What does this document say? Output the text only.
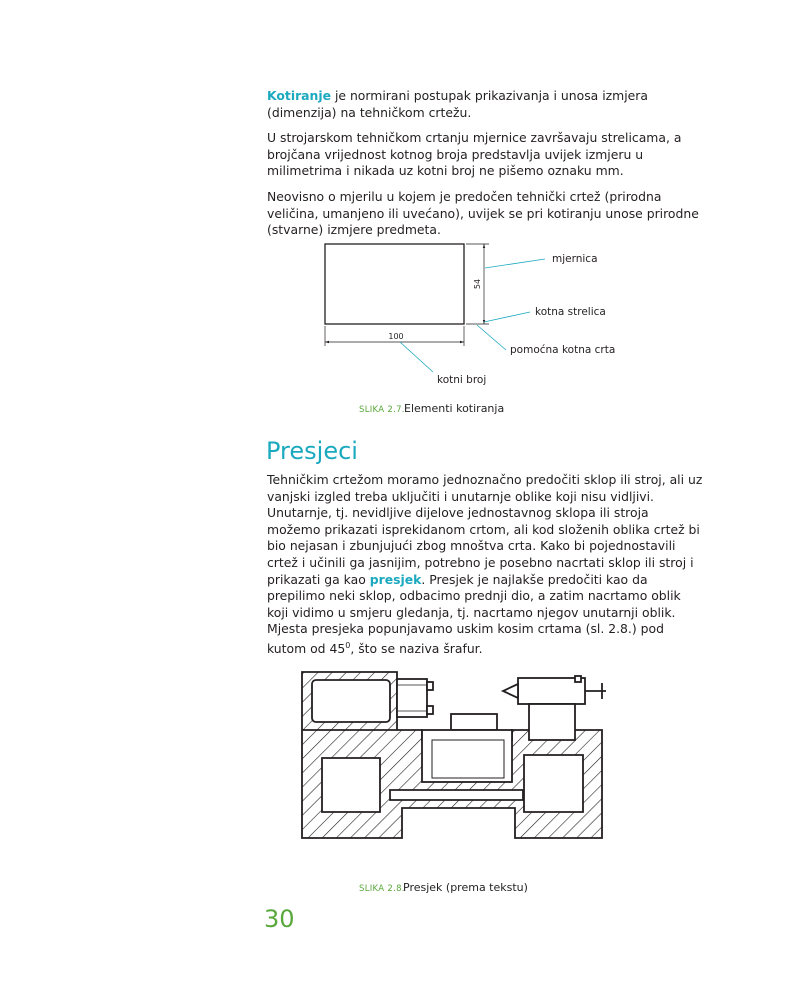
Kotiranje je normirani postupak prikazivanja i unosa izmjera (dimenzija) na tehničkom crtežu.

U strojarskom tehničkom crtanju mjernice završavaju strelicama, a brojčana vrijednost kotnog broja predstavlja uvijek izmjeru u milimetrima i nikada uz kotni broj ne pišemo oznaku mm.

Neovisno o mjerilu u kojem je predočen tehnički crtež (prirodna veličina, umanjeno ili uvećano), uvijek se pri kotiranju unose prirodne (stvarne) izmjere predmeta.

100
54
mjernica
kotna strelica
pomoćna kotna crta
kotni broj
SLIKA 2.7. Elementi kotiranja
Presjeci

Tehničkim crtežom moramo jednoznačno predočiti sklop ili stroj, ali uz vanjski izgled treba uključiti i unutarnje oblike koji nisu vidljivi. Unutarnje, tj. nevidljive dijelove jednostavnog sklopa ili stroja možemo prikazati isprekidanom crtom, ali kod složenih oblika crtež bi bio nejasan i zbunjujući zbog mnoštva crta. Kako bi pojednostavili crtež i učinili ga jasnijim, potrebno je posebno nacrtati sklop ili stroj i prikazati ga kao presjek. Presjek je najlakše predočiti kao da prepilimo neki sklop, odbacimo prednji dio, a zatim nacrtamo oblik koji vidimo u smjeru gledanja, tj. nacrtamo njegov unutarnji oblik. Mjesta presjeka popunjavamo uskim kosim crtama (sl. 2.8.) pod kutom od $45^0$, što se naziva šrafur.

SLIKA 2.8.
Presjek (prema tekstu)
30
